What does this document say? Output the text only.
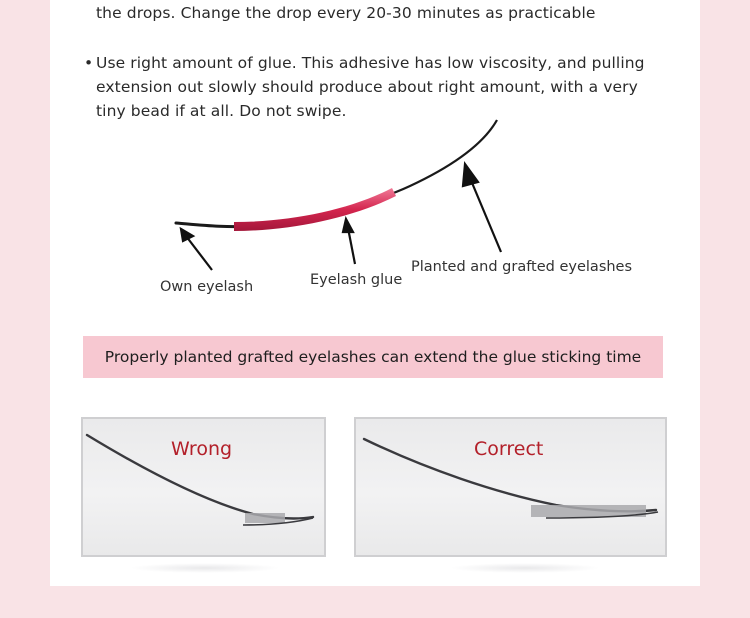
the drops. Change the drop every 20-30 minutes as practicable
• Use right amount of glue. This adhesive has low viscosity, and pulling
extension out slowly should produce about right amount, with a very
tiny bead if at all. Do not swipe.
Own eyelash	Eyelash glue
Planted and grafted eyelashes
Properly planted grafted eyelashes can extend the glue sticking time
Wrong	Correct
